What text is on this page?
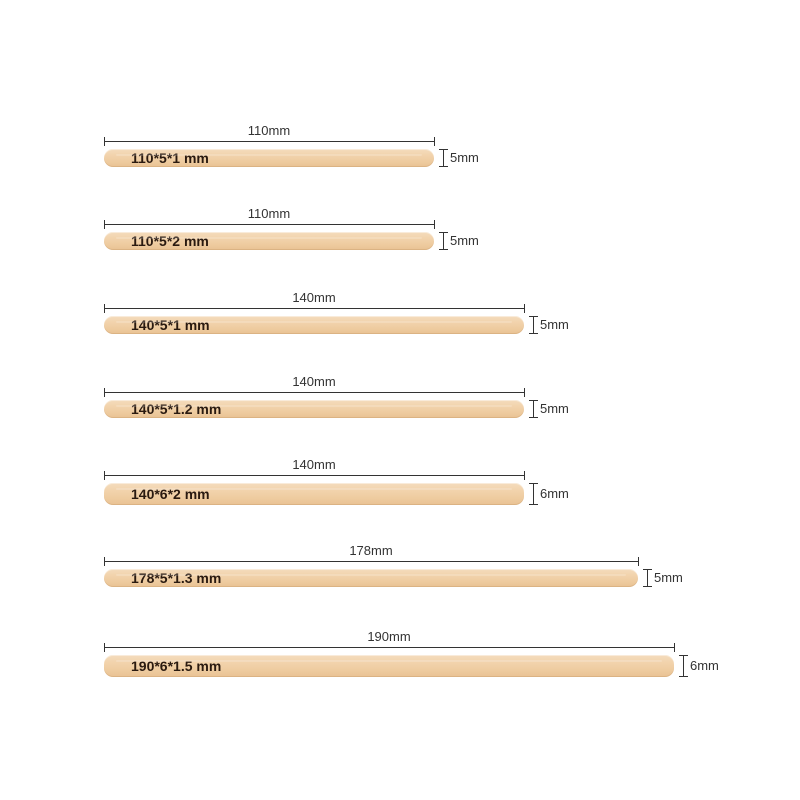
110mm
110*5*1 mm	5mm
110mm
110*5*2 mm	5mm
140mm
140*5*1 mm	5mm
140mm
140*5*1.2 mm	5mm
140mm
140*6*2 mm	6mm
178mm
178*5*1.3 mm	5mm
190mm
190*6*1.5 mm	6mm
